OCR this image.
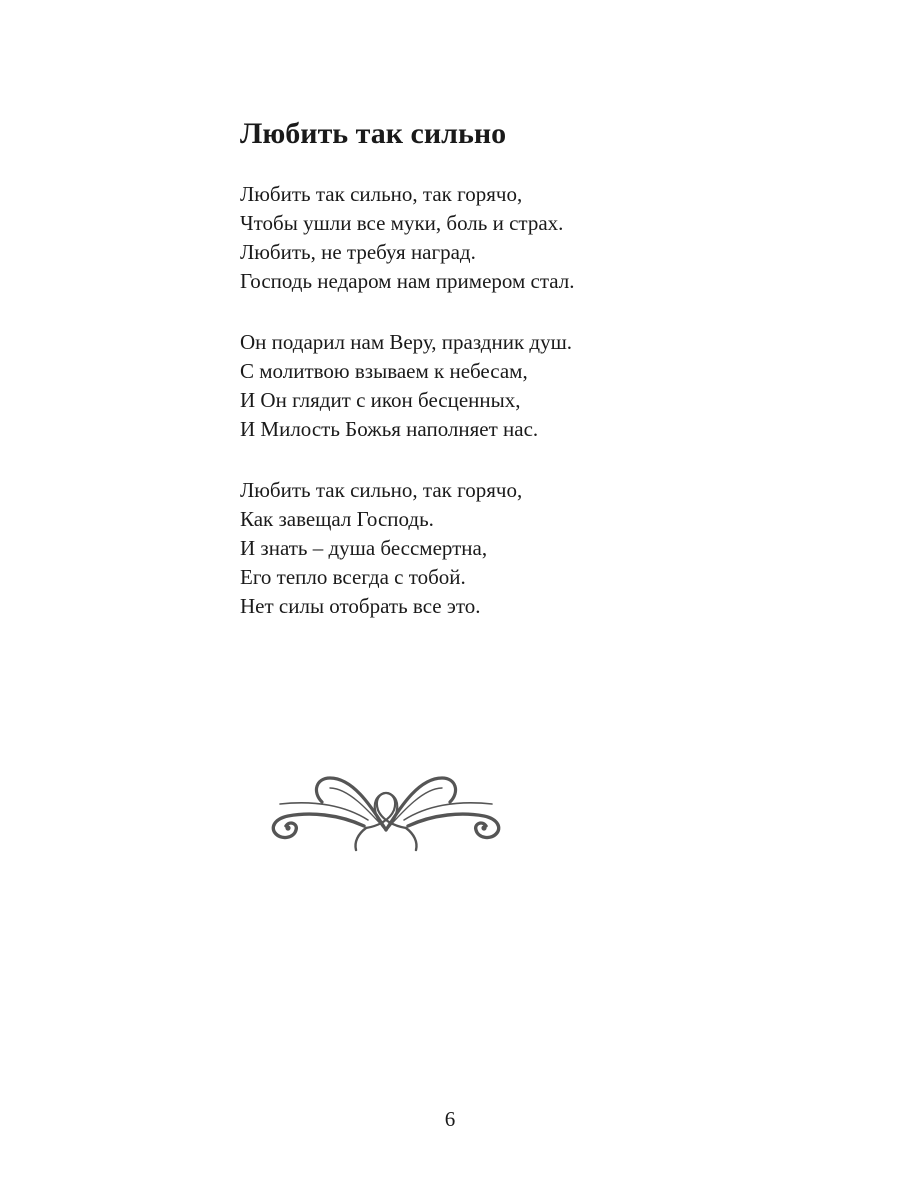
Любить так сильно
Любить так сильно, так горячо,
Чтобы ушли все муки, боль и страх.
Любить, не требуя наград.
Господь недаром нам примером стал.
Он подарил нам Веру, праздник душ.
С молитвою взываем к небесам,
И Он глядит с икон бесценных,
И Милость Божья наполняет нас.
Любить так сильно, так горячо,
Как завещал Господь.
И знать – душа бессмертна,
Его тепло всегда с тобой.
Нет силы отобрать все это.
6
